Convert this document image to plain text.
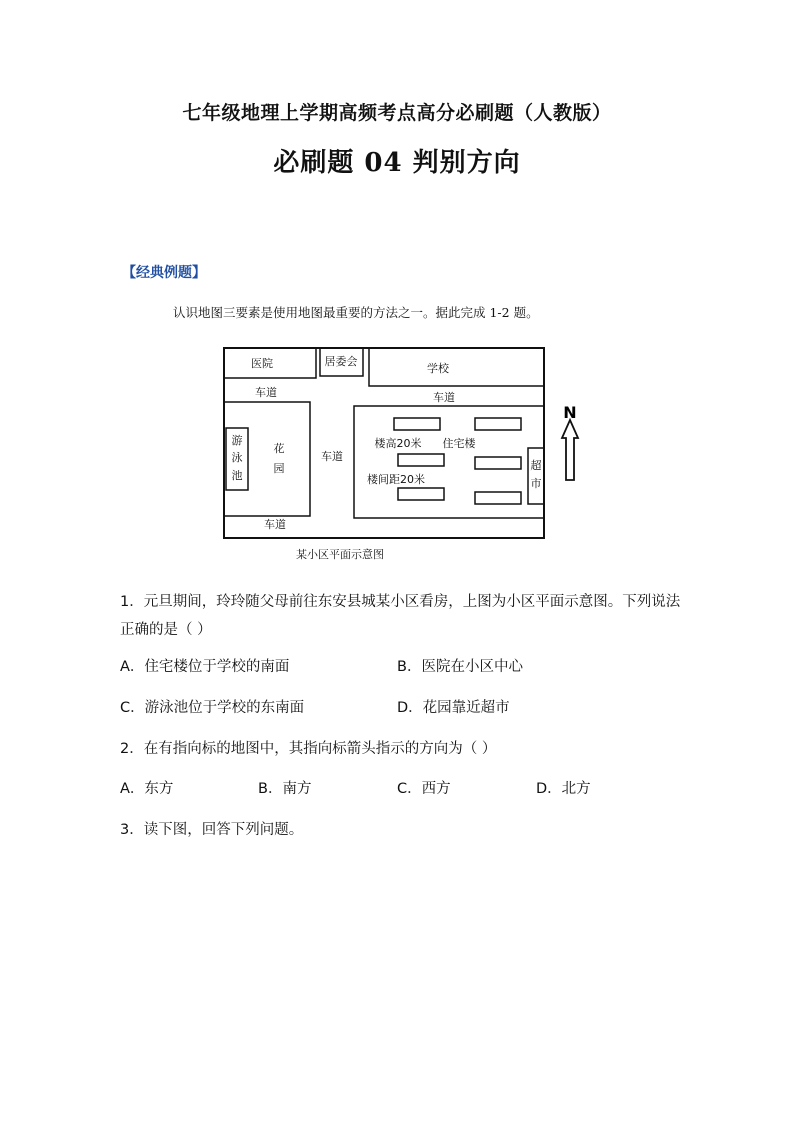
七年级地理上学期高频考点高分必刷题（人教版）
必刷题 04 判别方向
【经典例题】
认识地图三要素是使用地图最重要的方法之一。据此完成 1-2 题。
医院	居委会
学校
车道	车道
车道
车道
游
泳
池
花
园
楼高20米 住宅楼
楼间距20米
超
市
N
某小区平面示意图
1．元旦期间，玲玲随父母前往东安县城某小区看房，上图为小区平面示意图。下列说法正确的是（ ）
A．住宅楼位于学校的南面	B．医院在小区中心
C．游泳池位于学校的东南面	D．花园靠近超市
2．在有指向标的地图中，其指向标箭头指示的方向为（ ）
A．东方	B．南方	C．西方	D．北方
3．读下图，回答下列问题。
